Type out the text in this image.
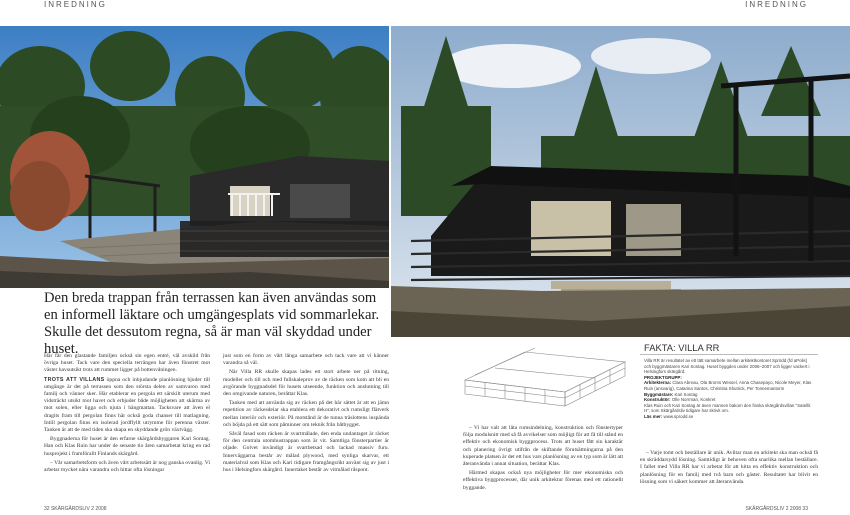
INREDNING	INREDNING
Den breda trappan från terrassen kan även användas som en informell läktare och umgängesplats vid sommarlekar. Skulle det dessutom regna, så är man väl skyddad under huset.

Här får den glastande familjen också sin egen entré, väl avskild från övriga huset. Tack vare den speciella terrängen har även fönstret mot väster havsutsikt trots att rummet ligger på bottenvåningen.

TROTS ATT VILLANS öppna och inbjudande planlösning bjuder till umgänge är det på terrassen som den största delen av samvaron med familj och vänner sker. Här etablerar en pergola ett särskilt uterum med vidsträckt utsikt mot havet och erbjuder både möjligheten att skärma av mot solen, eller ligga och njuta i hängmattan. Tacksvare att även el dragits fram till pergolan finns här också goda chanser till matlagning. Intill pergolan finns en isolerad jordflyllt utrymme för perenna växter. Tanken är att de med tiden ska skapa en skyddande grön växtvägg.

Byggnaderna för huset är den erfarne skärgårdsbyggaren Kari Sontag. Han och Klas Ruin har under de senaste tio åren samarbetat kring en rad husprojekt i framförallt Finlands skärgård.

– Vår samarbetsform och även vårt arbetssätt är nog ganska ovanlig. Vi arbetar mycket nära varandra och hittar ofta lösningar

just som en form av vårt långa samarbete och tack vare att vi känner varandra så väl.

När Villa RR skulle skapas lades ett stort arbete ner på ritning, modeller och till och med fullskaleprov av de räcken som kom att bli en avgörande byggnadsdel för husets utseende, funktion och anslutning till den omgivande naturen, berättar Klas.

Tanken med att använda sig av räcken på det här sättet är att en jämn repetition av räckesdelar ska etablera ett dekorativt och rumsligt flätverk mellan interiör och exteriör. På motstånd är de tunna träslottens inspända och böjda på ett sätt som påminner om teknik från båtbygget.

Såväl fasad som räcken är svartmålade, den enda undantaget är räcket för den centrala utomhustrappan som är vit. Samtliga fönsterpartier är oljade. Golvet invändigt är svartbetsad och lackad massiv furu. Innerväggarna består av målad plywood, med synliga skarvar, ett materialval som Klas och Kari tidigare framgångsrikt använt sig av just i hus i Helsingfors skärgård. Innertaket består av vitmålad råspont.

– Vi har valt att låta rumsindelning, konstruktion och fönstertyper följa modulsnitt med så få avvikelser som möjligt för att få till stånd en effektiv och ekonomisk byggprocess. Trots att huset fått sin karaktär och planering övrigt utifrån de skiftande förutsättningarna på den kuperade platsen är det ett hus vars planlösning av en typ som är lätt att återanvända i annat situation, berättar Klas.

Härmed skapas också nya möjligheter för mer ekonomiska och effektiva byggprocesser, där unik arkitektur förenas med ett rationellt byggande.

FAKTA: VILLA RR
Villa RR är resultatet av ett tätt samarbete mellan arkitektkontoret Sprödd (fd aPolis) och byggmästaren Kari Sontag. Huset byggdes under 2006–2007 och ligger vackert i Helsingfors skärgård.
PROJEKTGRUPP:
Arkitekterna: Clara Abreau, Ola Broms Wessel, Anna Chasepayo, Nicole Meyer, Klas Ruin (ansvarig), Catarina Santos, Christina Shutrick, Per Tonnemantorm
Byggmästare: Kari Sontag
Konstruktör: Olle Norrman, Konkret
Klas Ruin och Kari Sontag är även mannen bakom den finska skärgårdsvillan "Satellit H", som Skärgårdsliv tidigare har skrivit om.
Läs mer: www.sprodd.se

– Varje tomt och beställare är unik. Avlitar man en arkitekt ska man också få en skräddarsydd lösning. Samtidigt är behoven ofta snarlika mellan beställare. I fallet med Villa RR har vi arbetat för att hitta en effektiv konstruktion och planlösning för en familj med två barn och gäster. Resultatet har blivit en lösning som vi säkert kommer att återanvända.

32 SKÄRGÅRDSLIV 2 2008	SKÄRGÅRDSLIV 2 2008 33
